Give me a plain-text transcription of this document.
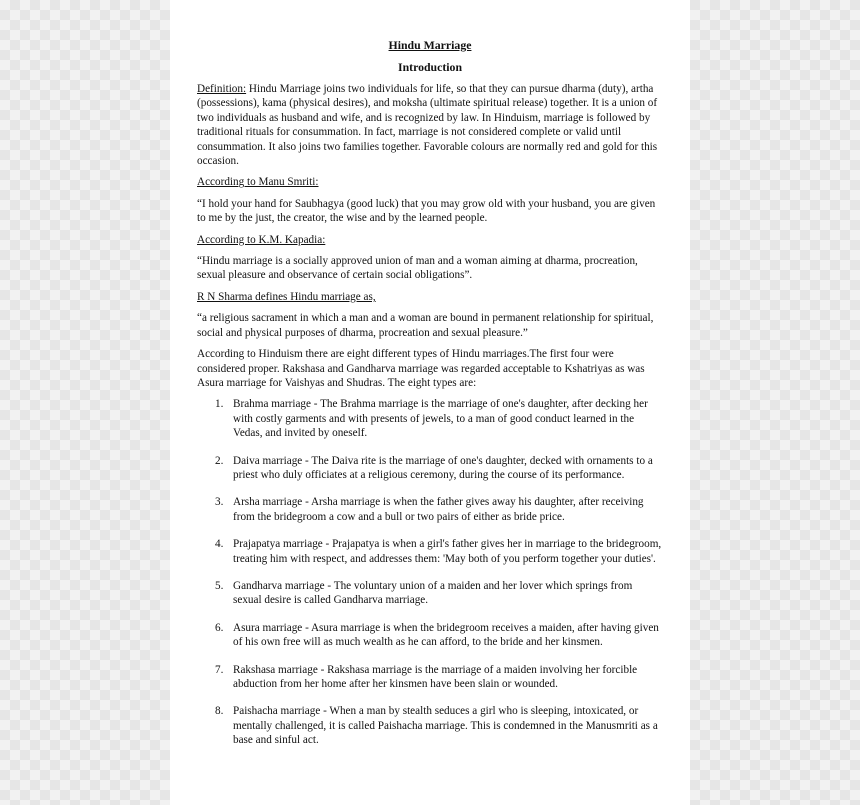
Hindu Marriage
Introduction

Definition: Hindu Marriage joins two individuals for life, so that they can pursue dharma (duty), artha (possessions), kama (physical desires), and moksha (ultimate spiritual release) together. It is a union of two individuals as husband and wife, and is recognized by law. In Hinduism, marriage is followed by traditional rituals for consummation. In fact, marriage is not considered complete or valid until consummation. It also joins two families together. Favorable colours are normally red and gold for this occasion.

According to Manu Smriti:

“I hold your hand for Saubhagya (good luck) that you may grow old with your husband, you are given to me by the just, the creator, the wise and by the learned people.

According to K.M. Kapadia:

“Hindu marriage is a socially approved union of man and a woman aiming at dharma, procreation, sexual pleasure and observance of certain social obligations”.

R N Sharma defines Hindu marriage as,

“a religious sacrament in which a man and a woman are bound in permanent relationship for spiritual, social and physical purposes of dharma, procreation and sexual pleasure.”

According to Hinduism there are eight different types of Hindu marriages.The first four were considered proper. Rakshasa and Gandharva marriage was regarded acceptable to Kshatriyas as was Asura marriage for Vaishyas and Shudras. The eight types are:

1. Brahma marriage - The Brahma marriage is the marriage of one's daughter, after decking her with costly garments and with presents of jewels, to a man of good conduct learned in the Vedas, and invited by oneself.
2. Daiva marriage - The Daiva rite is the marriage of one's daughter, decked with ornaments to a priest who duly officiates at a religious ceremony, during the course of its performance.
3. Arsha marriage - Arsha marriage is when the father gives away his daughter, after receiving from the bridegroom a cow and a bull or two pairs of either as bride price.
4. Prajapatya marriage - Prajapatya is when a girl's father gives her in marriage to the bridegroom, treating him with respect, and addresses them: 'May both of you perform together your duties'.
5. Gandharva marriage - The voluntary union of a maiden and her lover which springs from sexual desire is called Gandharva marriage.
6. Asura marriage - Asura marriage is when the bridegroom receives a maiden, after having given of his own free will as much wealth as he can afford, to the bride and her kinsmen.
7. Rakshasa marriage - Rakshasa marriage is the marriage of a maiden involving her forcible abduction from her home after her kinsmen have been slain or wounded.
8. Paishacha marriage - When a man by stealth seduces a girl who is sleeping, intoxicated, or mentally challenged, it is called Paishacha marriage. This is condemned in the Manusmriti as a base and sinful act.
